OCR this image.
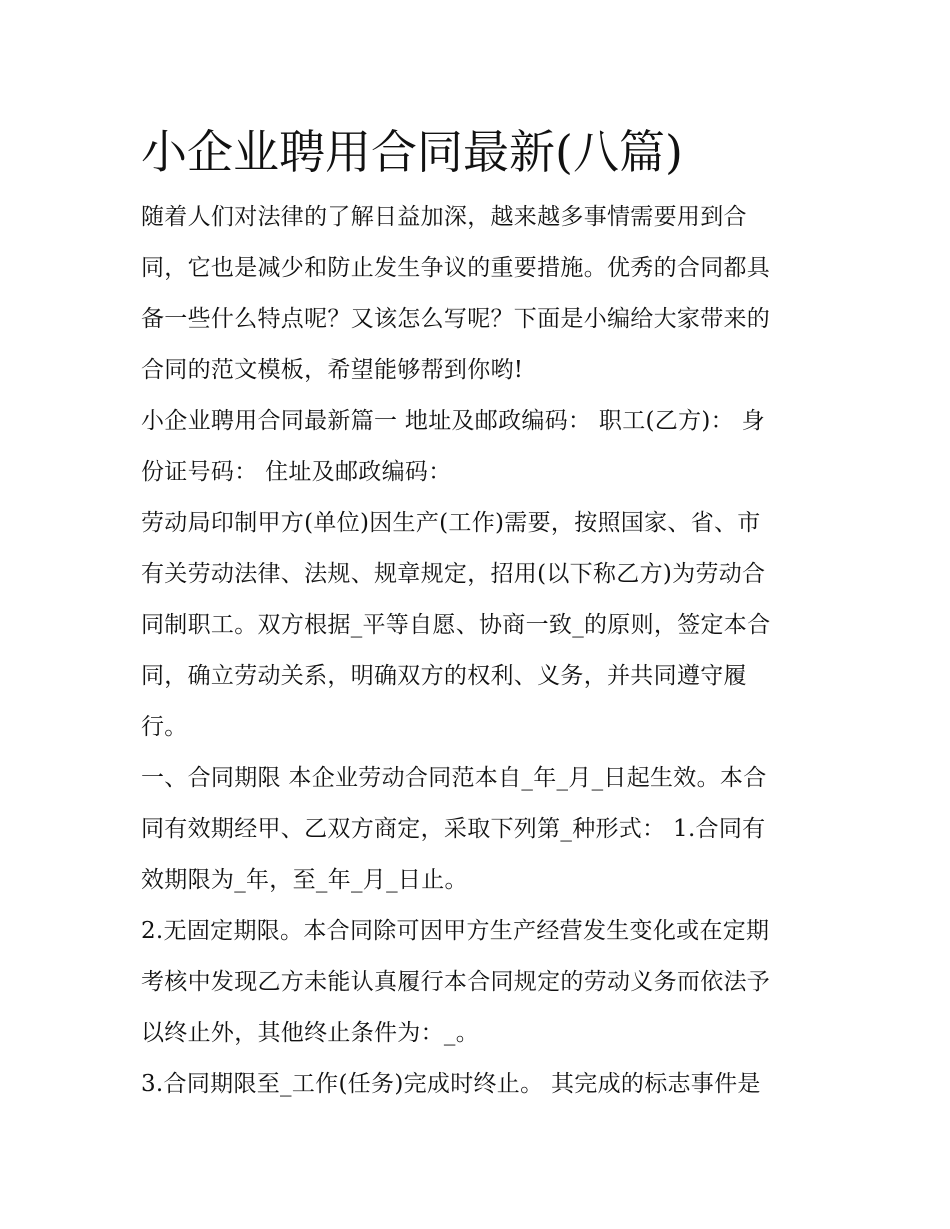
小企业聘用合同最新(八篇)

随着人们对法律的了解日益加深，越来越多事情需要用到合
同，它也是减少和防止发生争议的重要措施。优秀的合同都具
备一些什么特点呢？又该怎么写呢？下面是小编给大家带来的
合同的范文模板，希望能够帮到你哟!

小企业聘用合同最新篇一 地址及邮政编码： 职工(乙方)： 身
份证号码： 住址及邮政编码：

劳动局印制甲方(单位)因生产(工作)需要，按照国家、省、市
有关劳动法律、法规、规章规定，招用(以下称乙方)为劳动合
同制职工。双方根据_平等自愿、协商一致_的原则，签定本合
同，确立劳动关系，明确双方的权利、义务，并共同遵守履
行。

一、合同期限 本企业劳动合同范本自_年_月_日起生效。本合
同有效期经甲、乙双方商定，采取下列第_种形式： 1.合同有
效期限为_年，至_年_月_日止。

2.无固定期限。本合同除可因甲方生产经营发生变化或在定期
考核中发现乙方未能认真履行本合同规定的劳动义务而依法予
以终止外，其他终止条件为：_。

3.合同期限至_工作(任务)完成时终止。 其完成的标志事件是
